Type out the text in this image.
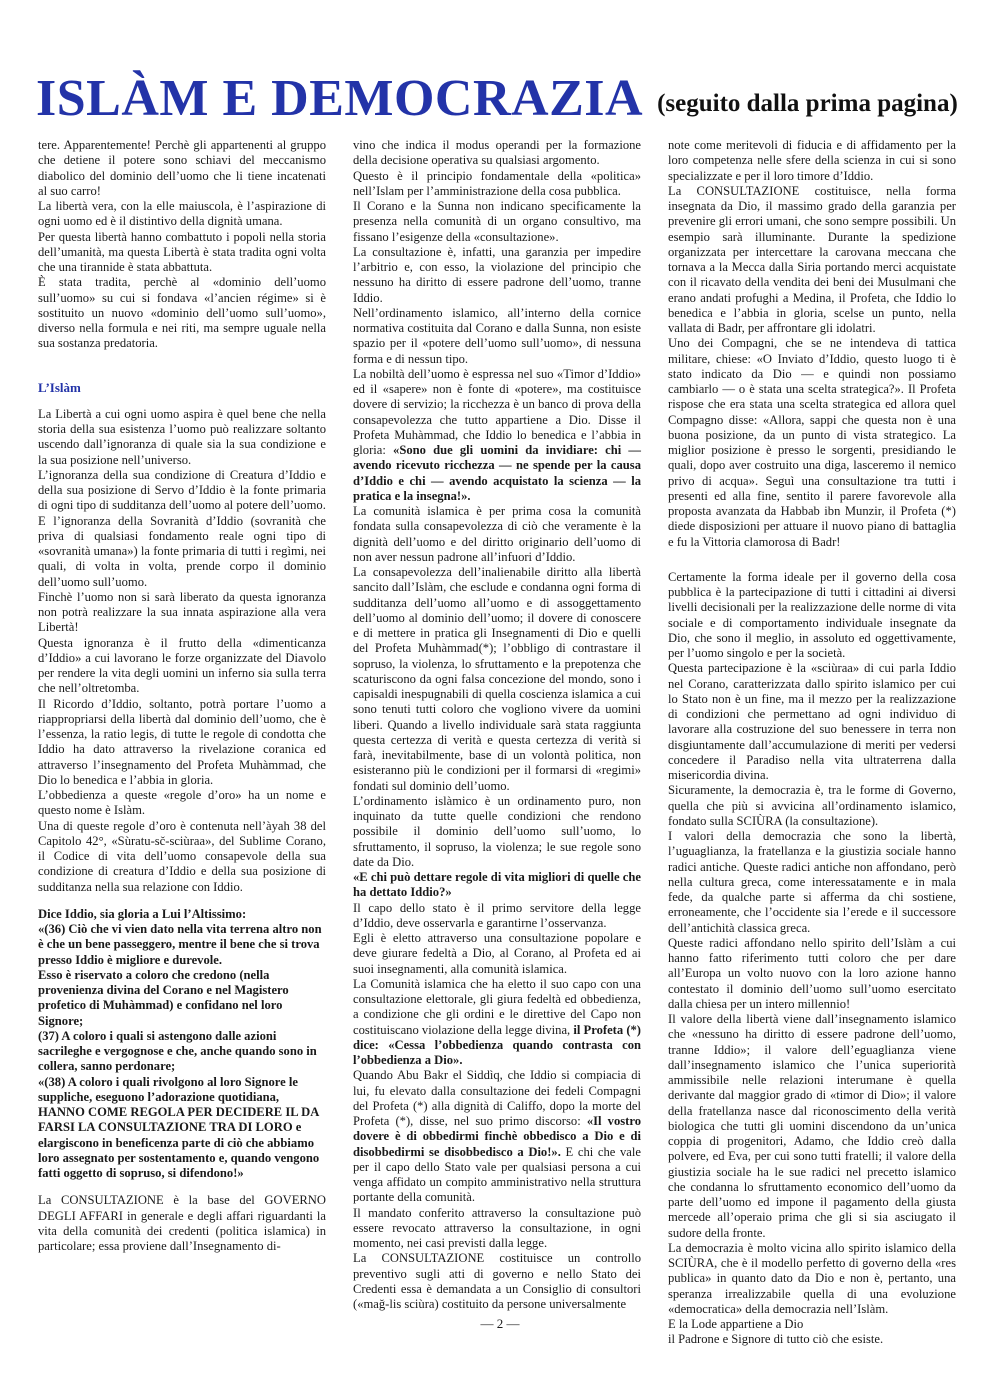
ISLÀM E DEMOCRAZIA (seguito dalla prima pagina)

tere. Apparentemente! Perchè gli appartenenti al gruppo che detiene il potere sono schiavi del meccanismo diabolico del dominio dell’uomo che li tiene incatenati al suo carro!

La libertà vera, con la elle maiuscola, è l’aspirazione di ogni uomo ed è il distintivo della dignità umana.

Per questa libertà hanno combattuto i popoli nella storia dell’umanità, ma questa Libertà è stata tradita ogni volta che una tirannide è stata abbattuta.

È stata tradita, perchè al «dominio dell’uomo sull’uomo» su cui si fondava «l’ancien régime» si è sostituito un nuovo «dominio dell’uomo sull’uomo», diverso nella formula e nei riti, ma sempre uguale nella sua sostanza predatoria.

L’Islàm

La Libertà a cui ogni uomo aspira è quel bene che nella storia della sua esistenza l’uomo può realizzare soltanto uscendo dall’ignoranza di quale sia la sua condizione e la sua posizione nell’universo.

L’ignoranza della sua condizione di Creatura d’Iddio e della sua posizione di Servo d’Iddio è la fonte primaria di ogni tipo di sudditanza dell’uomo al potere dell’uomo.

E l’ignoranza della Sovranità d’Iddio (sovranità che priva di qualsiasi fondamento reale ogni tipo di «sovranità umana») la fonte primaria di tutti i regìmi, nei quali, di volta in volta, prende corpo il dominio dell’uomo sull’uomo.

Finchè l’uomo non si sarà liberato da questa ignoranza non potrà realizzare la sua innata aspirazione alla vera Libertà!

Questa ignoranza è il frutto della «dimenticanza d’Iddio» a cui lavorano le forze organizzate del Diavolo per rendere la vita degli uomini un inferno sia sulla terra che nell’oltretomba.

Il Ricordo d’Iddio, soltanto, potrà portare l’uomo a riappropriarsi della libertà dal dominio dell’uomo, che è l’essenza, la ratio legis, di tutte le regole di condotta che Iddio ha dato attraverso la rivelazione coranica ed attraverso l’insegnamento del Profeta Muhàmmad, che Dio lo benedica e l’abbia in gloria.

L’obbedienza a queste «regole d’oro» ha un nome e questo nome è Islàm.

Una di queste regole d’oro è contenuta nell’àyah 38 del Capitolo 42°, «Sùratu-sč-sciùraa», del Sublime Corano, il Codice di vita dell’uomo consapevole della sua condizione di creatura d’Iddio e della sua posizione di sudditanza nella sua relazione con Iddio.

Dice Iddio, sia gloria a Lui l’Altissimo:

«(36) Ciò che vi vien dato nella vita terrena altro non è che un bene passeggero, mentre il bene che si trova presso Iddio è migliore e durevole.

Esso è riservato a coloro che credono (nella provenienza divina del Corano e nel Magistero profetico di Muhàmmad) e confidano nel loro Signore;

(37) A coloro i quali si astengono dalle azioni sacrileghe e vergognose e che, anche quando sono in collera, sanno perdonare;

«(38) A coloro i quali rivolgono al loro Signore le suppliche, eseguono l’adorazione quotidiana, HANNO COME REGOLA PER DECIDERE IL DA FARSI LA CONSULTAZIONE TRA DI LORO e

elargiscono in beneficenza parte di ciò che abbiamo loro assegnato per sostentamento e, quando vengono fatti oggetto di sopruso, si difendono!»

La CONSULTAZIONE è la base del GOVERNO DEGLI AFFARI in generale e degli affari riguardanti la vita della comunità dei credenti (politica islamica) in particolare; essa proviene dall’Insegnamento di-

vino che indica il modus operandi per la formazione della decisione operativa su qualsiasi argomento.

Questo è il principio fondamentale della «politica» nell’Islam per l’amministrazione della cosa pubblica.

Il Corano e la Sunna non indicano specificamente la presenza nella comunità di un organo consultivo, ma fissano l’esigenze della «consultazione».

La consultazione è, infatti, una garanzia per impedire l’arbitrio e, con esso, la violazione del principio che nessuno ha diritto di essere padrone dell’uomo, tranne Iddio.

Nell’ordinamento islamico, all’interno della cornice normativa costituita dal Corano e dalla Sunna, non esiste spazio per il «potere dell’uomo sull’uomo», di nessuna forma e di nessun tipo.

La nobiltà dell’uomo è espressa nel suo «Timor d’Iddio» ed il «sapere» non è fonte di «potere», ma costituisce dovere di servizio; la ricchezza è un banco di prova della consapevolezza che tutto appartiene a Dio. Disse il Profeta Muhàmmad, che Iddio lo benedica e l’abbia in gloria: «Sono due gli uomini da invidiare: chi — avendo ricevuto ricchezza — ne spende per la causa d’Iddio e chi — avendo acquistato la scienza — la pratica e la insegna!».

La comunità islamica è per prima cosa la comunità fondata sulla consapevolezza di ciò che veramente è la dignità dell’uomo e del diritto originario dell’uomo di non aver nessun padrone all’infuori d’Iddio.

La consapevolezza dell’inalienabile diritto alla libertà sancito dall’Islàm, che esclude e condanna ogni forma di sudditanza dell’uomo all’uomo e di assoggettamento dell’uomo al dominio dell’uomo; il dovere di conoscere e di mettere in pratica gli Insegnamenti di Dio e quelli del Profeta Muhàmmad(*); l’obbligo di contrastare il sopruso, la violenza, lo sfruttamento e la prepotenza che scaturiscono da ogni falsa concezione del mondo, sono i capisaldi inespugnabili di quella coscienza islamica a cui sono tenuti tutti coloro che vogliono vivere da uomini liberi. Quando a livello individuale sarà stata raggiunta questa certezza di verità e questa certezza di verità si farà, inevitabilmente, base di un volontà politica, non esisteranno più le condizioni per il formarsi di «regimi» fondati sul dominio dell’uomo.

L’ordinamento islàmico è un ordinamento puro, non inquinato da tutte quelle condizioni che rendono possibile il dominio dell’uomo sull’uomo, lo sfruttamento, il sopruso, la violenza; le sue regole sono date da Dio.

«E chi può dettare regole di vita migliori di quelle che ha dettato Iddio?»

Il capo dello stato è il primo servitore della legge d’Iddio, deve osservarla e garantirne l’osservanza.

Egli è eletto attraverso una consultazione popolare e deve giurare fedeltà a Dio, al Corano, al Profeta ed ai suoi insegnamenti, alla comunità islamica.

La Comunità islamica che ha eletto il suo capo con una consultazione elettorale, gli giura fedeltà ed obbedienza, a condizione che gli ordini e le direttive del Capo non costituiscano violazione della legge divina, il Profeta (*) dice: «Cessa l’obbedienza quando contrasta con l’obbedienza a Dio».

Quando Abu Bakr el Siddìq, che Iddio si compiacia di lui, fu elevato dalla consultazione dei fedeli Compagni del Profeta (*) alla dignità di Califfo, dopo la morte del Profeta (*), disse, nel suo primo discorso: «Il vostro dovere è di obbedirmi finchè obbedisco a Dio e di disobbedirmi se disobbedisco a Dio!». E chi che vale per il capo dello Stato vale per qualsiasi persona a cui venga affidato un compito amministrativo nella struttura portante della comunità.

Il mandato conferito attraverso la consultazione può essere revocato attraverso la consultazione, in ogni momento, nei casi previsti dalla legge.

La CONSULTAZIONE costituisce un controllo preventivo sugli atti di governo e nello Stato dei Credenti essa è demandata a un Consiglio di consultori («mağ-lis sciùra) costituito da persone universalmente

note come meritevoli di fiducia e di affidamento per la loro competenza nelle sfere della scienza in cui si sono specializzate e per il loro timore d’Iddio.

La CONSULTAZIONE costituisce, nella forma insegnata da Dio, il massimo grado della garanzia per prevenire gli errori umani, che sono sempre possibili. Un esempio sarà illuminante. Durante la spedizione organizzata per intercettare la carovana meccana che tornava a la Mecca dalla Siria portando merci acquistate con il ricavato della vendita dei beni dei Musulmani che erano andati profughi a Medina, il Profeta, che Iddio lo benedica e l’abbia in gloria, scelse un punto, nella vallata di Badr, per affrontare gli idolatri.

Uno dei Compagni, che se ne intendeva di tattica militare, chiese: «O Inviato d’Iddio, questo luogo ti è stato indicato da Dio — e quindi non possiamo cambiarlo — o è stata una scelta strategica?». Il Profeta rispose che era stata una scelta strategica ed allora quel Compagno disse: «Allora, sappi che questa non è una buona posizione, da un punto di vista strategico. La miglior posizione è presso le sorgenti, presidiando le quali, dopo aver costruito una diga, lasceremo il nemico privo di acqua». Seguì una consultazione tra tutti i presenti ed alla fine, sentito il parere favorevole alla proposta avanzata da Habbab ibn Munzir, il Profeta (*) diede disposizioni per attuare il nuovo piano di battaglia e fu la Vittoria clamorosa di Badr!

Certamente la forma ideale per il governo della cosa pubblica è la partecipazione di tutti i cittadini ai diversi livelli decisionali per la realizzazione delle norme di vita sociale e di comportamento individuale insegnate da Dio, che sono il meglio, in assoluto ed oggettivamente, per l’uomo singolo e per la società.

Questa partecipazione è la «sciùraa» di cui parla Iddio nel Corano, caratterizzata dallo spirito islamico per cui lo Stato non è un fine, ma il mezzo per la realizzazione di condizioni che permettano ad ogni individuo di lavorare alla costruzione del suo benessere in terra non disgiuntamente dall’accumulazione di meriti per vedersi concedere il Paradiso nella vita ultraterrena dalla misericordia divina.

Sicuramente, la democrazia è, tra le forme di Governo, quella che più si avvicina all’ordinamento islamico, fondato sulla SCIÙRA (la consultazione).

I valori della democrazia che sono la libertà, l’uguaglianza, la fratellanza e la giustizia sociale hanno radici antiche. Queste radici antiche non affondano, però nella cultura greca, come interessatamente e in mala fede, da qualche parte si afferma da chi sostiene, erroneamente, che l’occidente sia l’erede e il successore dell’antichità classica greca.

Queste radici affondano nello spirito dell’Islàm a cui hanno fatto riferimento tutti coloro che per dare all’Europa un volto nuovo con la loro azione hanno contestato il dominio dell’uomo sull’uomo esercitato dalla chiesa per un intero millennio!

Il valore della libertà viene dall’insegnamento islamico che «nessuno ha diritto di essere padrone dell’uomo, tranne Iddio»; il valore dell’eguaglianza viene dall’insegnamento islamico che l’unica superiorità ammissibile nelle relazioni interumane è quella derivante dal maggior grado di «timor di Dio»; il valore della fratellanza nasce dal riconoscimento della verità biologica che tutti gli uomini discendono da un’unica coppia di progenitori, Adamo, che Iddio creò dalla polvere, ed Eva, per cui sono tutti fratelli; il valore della giustizia sociale ha le sue radici nel precetto islamico che condanna lo sfruttamento economico dell’uomo da parte dell’uomo ed impone il pagamento della giusta mercede all’operaio prima che gli si sia asciugato il sudore della fronte.

La democrazia è molto vicina allo spirito islamico della SCIÙRA, che è il modello perfetto di governo della «res publica» in quanto dato da Dio e non è, pertanto, una speranza irrealizzabile quella di una evoluzione «democratica» della democrazia nell’Islàm.

E la Lode appartiene a Dio

il Padrone e Signore di tutto ciò che esiste.

— 2 —
